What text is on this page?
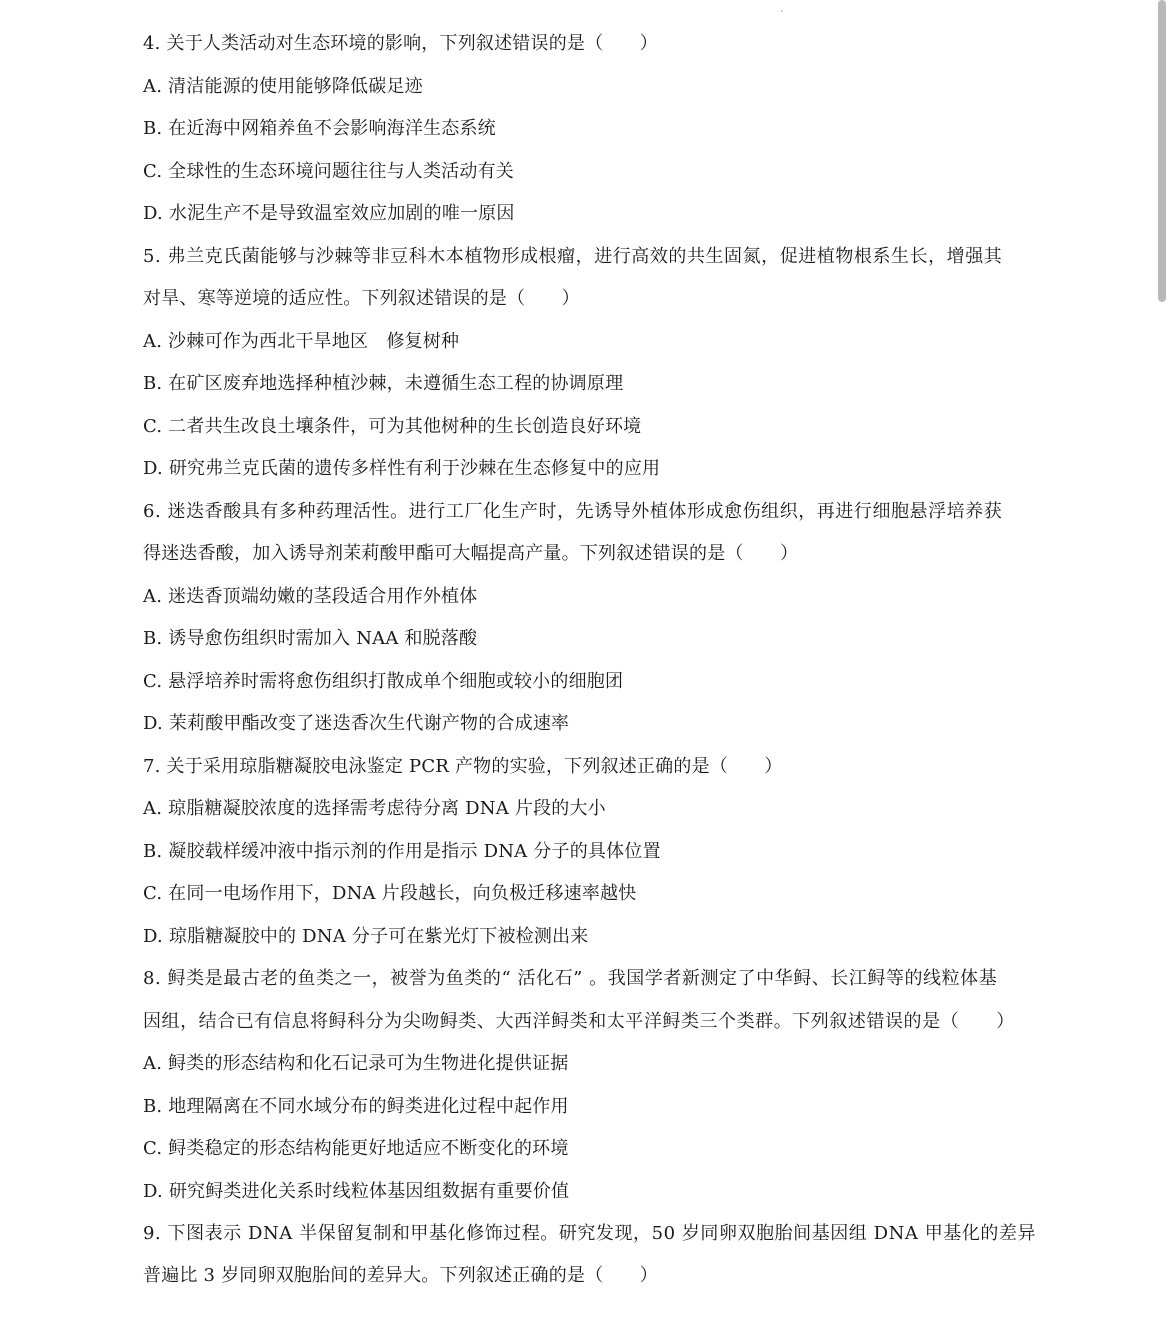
4. 关于人类活动对生态环境的影响，下列叙述错误的是（　　）
A. 清洁能源的使用能够降低碳足迹
B. 在近海中网箱养鱼不会影响海洋生态系统
C. 全球性的生态环境问题往往与人类活动有关
D. 水泥生产不是导致温室效应加剧的唯一原因
5. 弗兰克氏菌能够与沙棘等非豆科木本植物形成根瘤，进行高效的共生固氮，促进植物根系生长，增强其
对旱、寒等逆境的适应性。下列叙述错误的是（　　）
A. 沙棘可作为西北干旱地区　修复树种
B. 在矿区废弃地选择种植沙棘，未遵循生态工程的协调原理
C. 二者共生改良土壤条件，可为其他树种的生长创造良好环境
D. 研究弗兰克氏菌的遗传多样性有利于沙棘在生态修复中的应用
6. 迷迭香酸具有多种药理活性。进行工厂化生产时，先诱导外植体形成愈伤组织，再进行细胞悬浮培养获
得迷迭香酸，加入诱导剂茉莉酸甲酯可大幅提高产量。下列叙述错误的是（　　）
A. 迷迭香顶端幼嫩的茎段适合用作外植体
B. 诱导愈伤组织时需加入 NAA 和脱落酸
C. 悬浮培养时需将愈伤组织打散成单个细胞或较小的细胞团
D. 茉莉酸甲酯改变了迷迭香次生代谢产物的合成速率
7. 关于采用琼脂糖凝胶电泳鉴定 PCR 产物的实验，下列叙述正确的是（　　）
A. 琼脂糖凝胶浓度的选择需考虑待分离 DNA 片段的大小
B. 凝胶载样缓冲液中指示剂的作用是指示 DNA 分子的具体位置
C. 在同一电场作用下，DNA 片段越长，向负极迁移速率越快
D. 琼脂糖凝胶中的 DNA 分子可在紫光灯下被检测出来
8. 鲟类是最古老的鱼类之一，被誉为鱼类的“ 活化石” 。我国学者新测定了中华鲟、长江鲟等的线粒体基
因组，结合已有信息将鲟科分为尖吻鲟类、大西洋鲟类和太平洋鲟类三个类群。下列叙述错误的是（　　）
A. 鲟类的形态结构和化石记录可为生物进化提供证据
B. 地理隔离在不同水域分布的鲟类进化过程中起作用
C. 鲟类稳定的形态结构能更好地适应不断变化的环境
D. 研究鲟类进化关系时线粒体基因组数据有重要价值
9. 下图表示 DNA 半保留复制和甲基化修饰过程。研究发现，50 岁同卵双胞胎间基因组 DNA 甲基化的差异
普遍比 3 岁同卵双胞胎间的差异大。下列叙述正确的是（　　）
